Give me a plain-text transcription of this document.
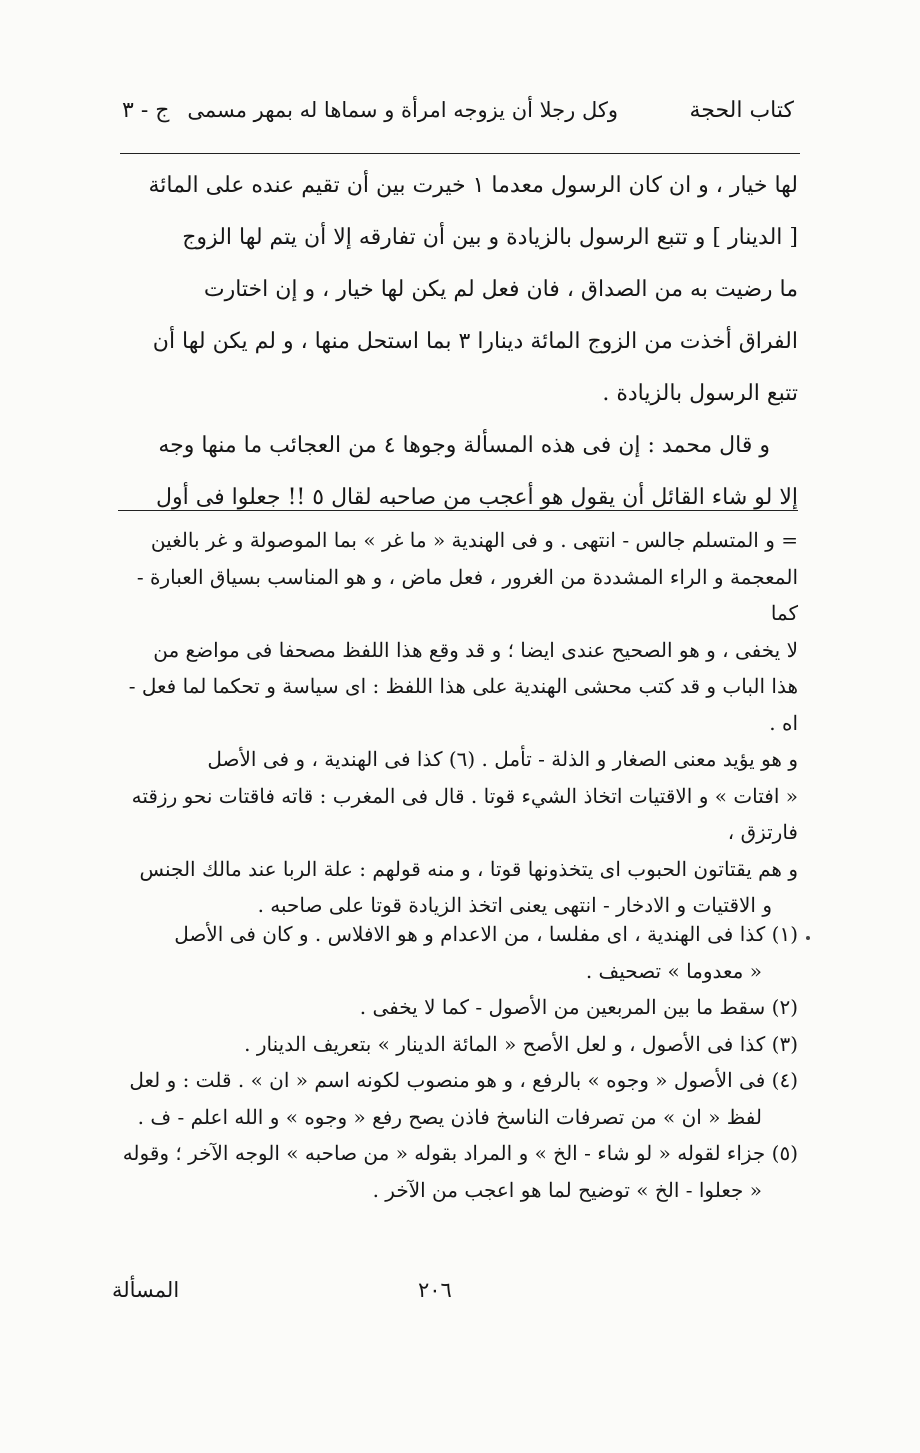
كتاب الحجة
وكل رجلا أن يزوجه امرأة و سماها له بمهر مسمى
ج - ٣

لها خيار ، و ان كان الرسول معدما ١ خيرت بين أن تقيم عنده على المائة

[ الدينار ] و تتبع الرسول بالزيادة و بين أن تفارقه إلا أن يتم لها الزوج

ما رضيت به من الصداق ، فان فعل لم يكن لها خيار ، و إن اختارت

الفراق أخذت من الزوج المائة دينارا ٣ بما استحل منها ، و لم يكن لها أن

تتبع الرسول بالزيادة .

و قال محمد : إن فى هذه المسألة وجوها ٤ من العجائب ما منها وجه

إلا لو شاء القائل أن يقول هو أعجب من صاحبه لقال ٥ !! جعلوا فى أول

= و المتسلم جالس - انتهى . و فى الهندية « ما غر » بما الموصولة و غر بالغين

المعجمة و الراء المشددة من الغرور ، فعل ماض ، و هو المناسب بسياق العبارة - كما

لا يخفى ، و هو الصحيح عندى ايضا ؛ و قد وقع هذا اللفظ مصحفا فى مواضع من

هذا الباب و قد كتب محشى الهندية على هذا اللفظ : اى سياسة و تحكما لما فعل - اه .

و هو يؤيد معنى الصغار و الذلة - تأمل . (٦) كذا فى الهندية ، و فى الأصل

« افتات » و الاقتيات اتخاذ الشيء قوتا . قال فى المغرب : قاته فاقتات نحو رزقته فارتزق ،

و هم يقتاتون الحبوب اى يتخذونها قوتا ، و منه قولهم : علة الربا عند مالك الجنس

و الاقتيات و الادخار - انتهى يعنى اتخذ الزيادة قوتا على صاحبه .

(١) كذا فى الهندية ، اى مفلسا ، من الاعدام و هو الافلاس . و كان فى الأصل

« معدوما » تصحيف .

(٢) سقط ما بين المربعين من الأصول - كما لا يخفى .

(٣) كذا فى الأصول ، و لعل الأصح « المائة الدينار » بتعريف الدينار .

(٤) فى الأصول « وجوه » بالرفع ، و هو منصوب لكونه اسم « ان » . قلت : و لعل

لفظ « ان » من تصرفات الناسخ فاذن يصح رفع « وجوه » و الله اعلم - ف .

(٥) جزاء لقوله « لو شاء - الخ » و المراد بقوله « من صاحبه » الوجه الآخر ؛ وقوله

« جعلوا - الخ » توضيح لما هو اعجب من الآخر .

٢٠٦
المسألة
